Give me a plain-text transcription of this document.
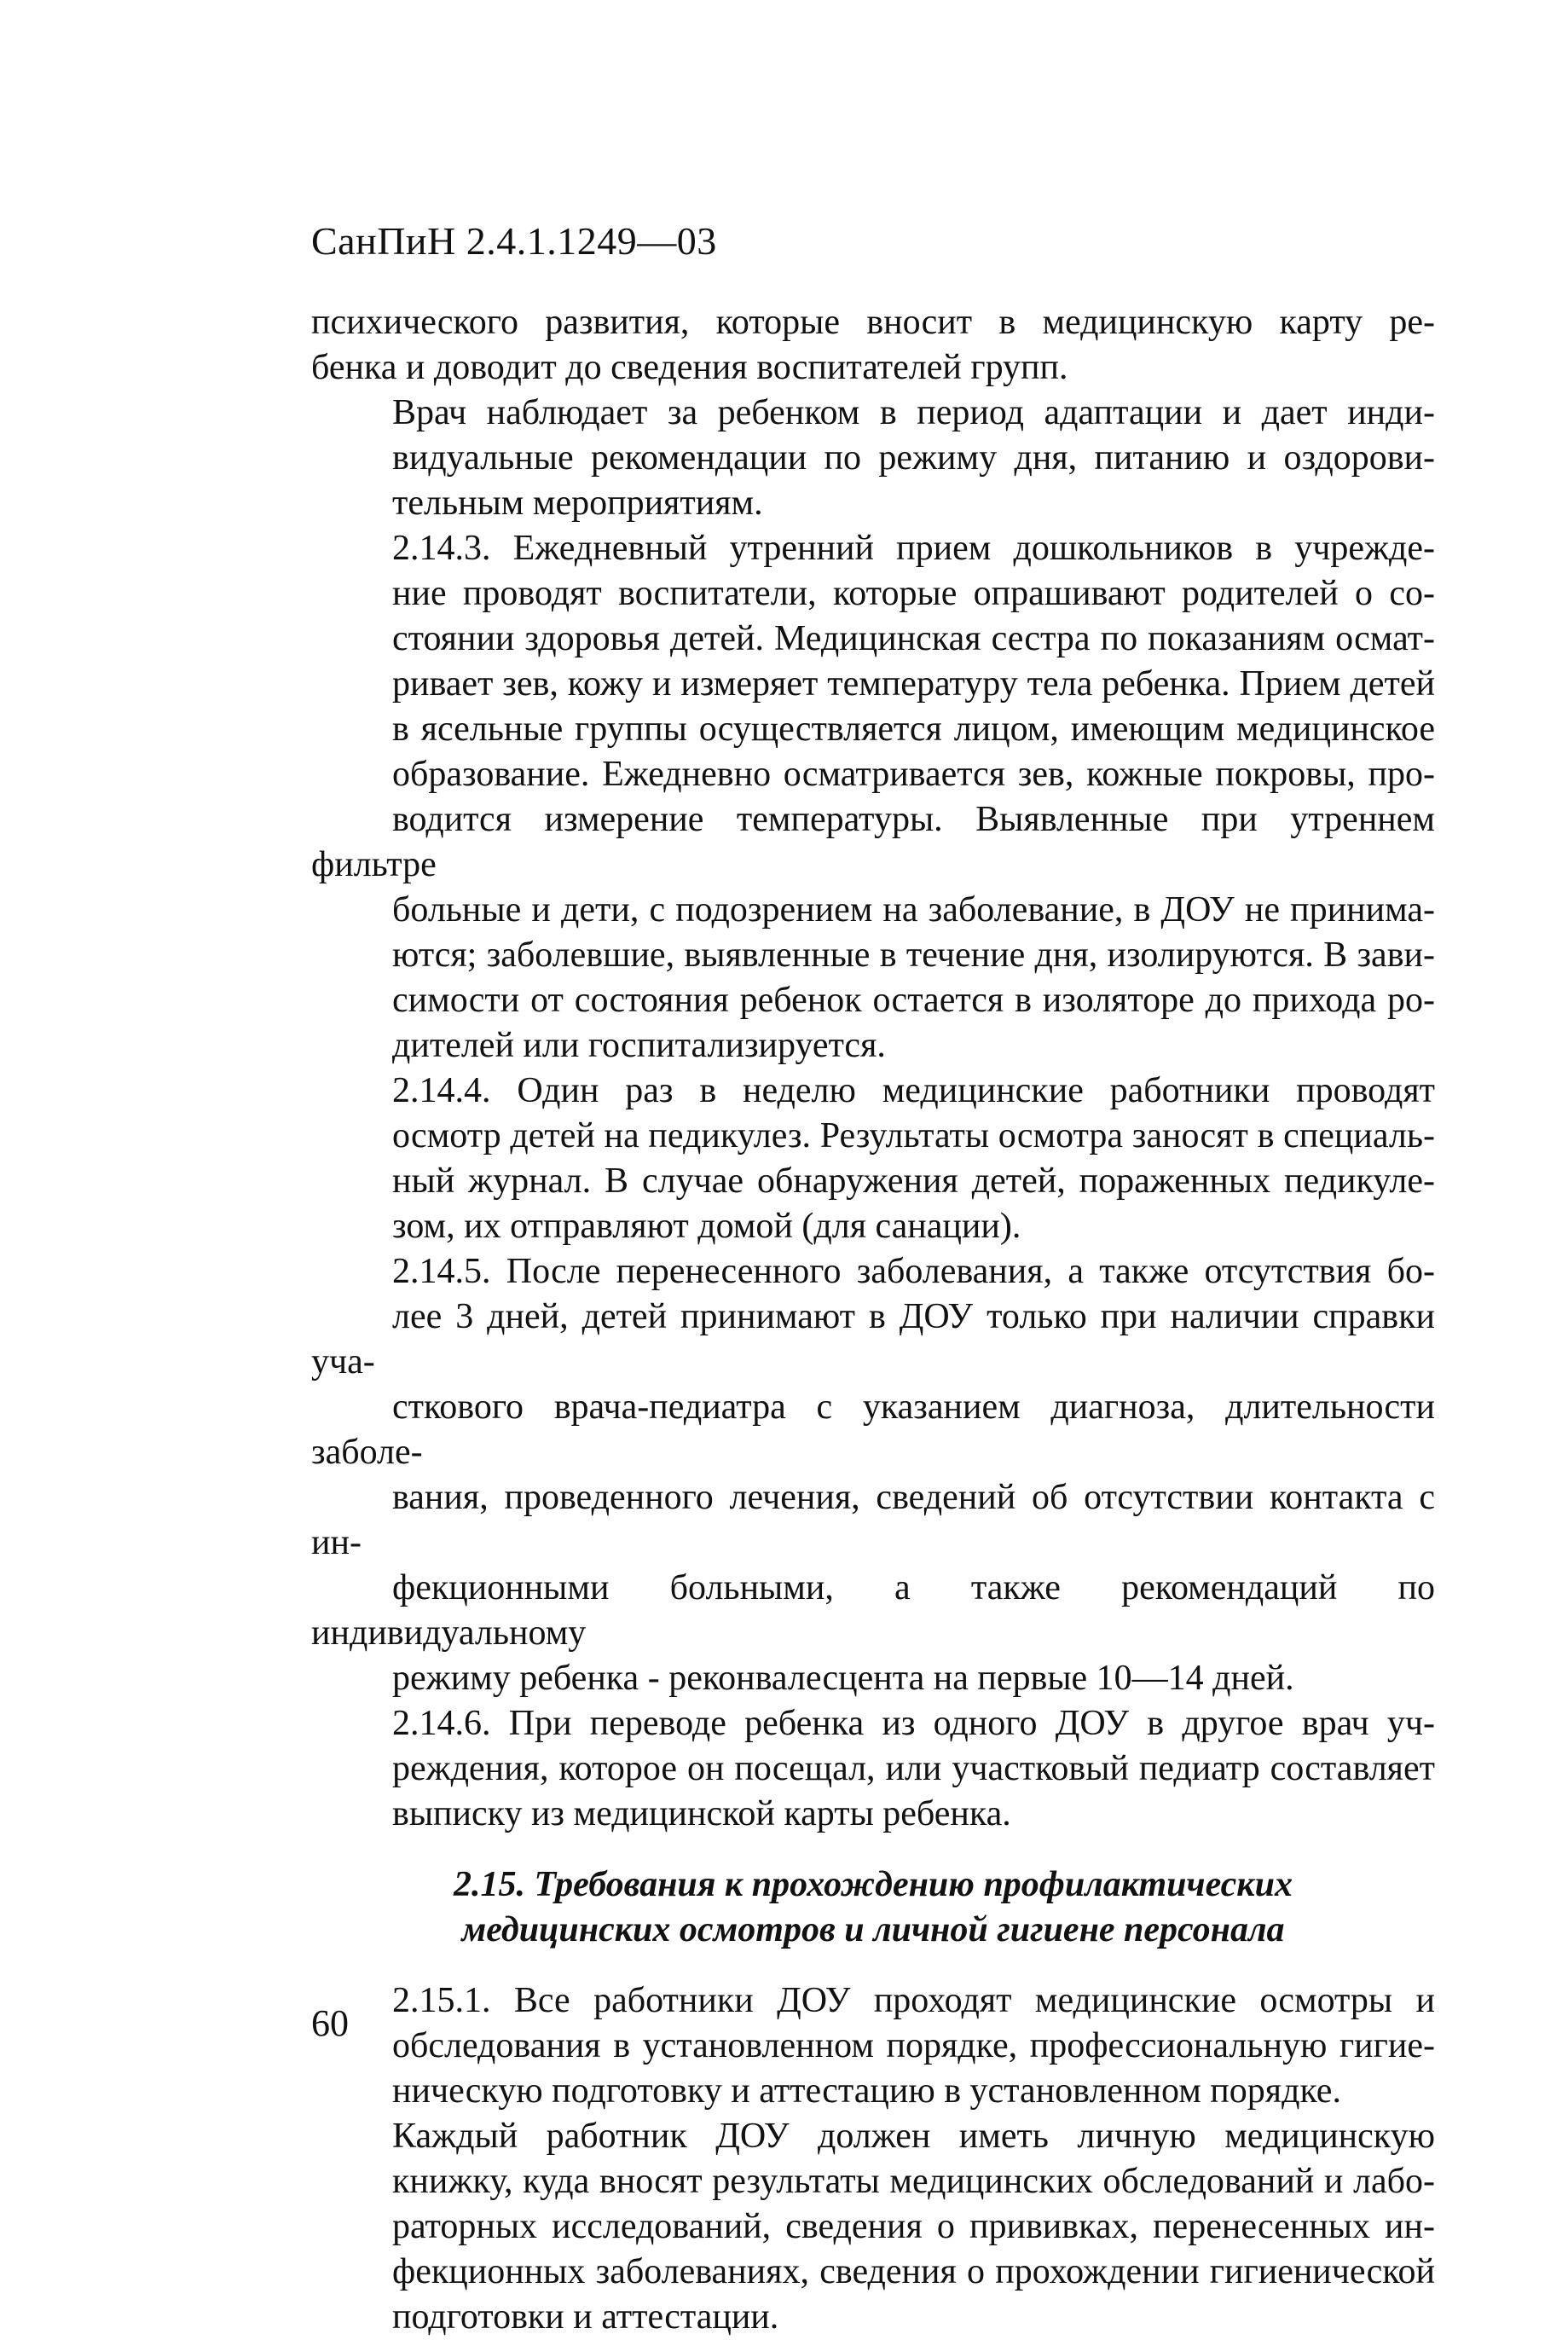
СанПиН 2.4.1.1249—03

психического развития, которые вносит в медицинскую карту ре-
бенка и доводит до сведения воспитателей групп.

Врач наблюдает за ребенком в период адаптации и дает инди-
видуальные рекомендации по режиму дня, питанию и оздорови-
тельным мероприятиям.

2.14.3. Ежедневный утренний прием дошкольников в учрежде-
ние проводят воспитатели, которые опрашивают родителей о со-
стоянии здоровья детей. Медицинская сестра по показаниям осмат-
ривает зев, кожу и измеряет температуру тела ребенка. Прием детей
в ясельные группы осуществляется лицом, имеющим медицинское
образование. Ежедневно осматривается зев, кожные покровы, про-
водится измерение температуры. Выявленные при утреннем фильтре
больные и дети, с подозрением на заболевание, в ДОУ не принима-
ются; заболевшие, выявленные в течение дня, изолируются. В зави-
симости от состояния ребенок остается в изоляторе до прихода ро-
дителей или госпитализируется.

2.14.4. Один раз в неделю медицинские работники проводят
осмотр детей на педикулез. Результаты осмотра заносят в специаль-
ный журнал. В случае обнаружения детей, пораженных педикуле-
зом, их отправляют домой (для санации).

2.14.5. После перенесенного заболевания, а также отсутствия бо-
лее 3 дней, детей принимают в ДОУ только при наличии справки уча-
сткового врача-педиатра с указанием диагноза, длительности заболе-
вания, проведенного лечения, сведений об отсутствии контакта с ин-
фекционными больными, а также рекомендаций по индивидуальному
режиму ребенка - реконвалесцента на первые 10—14 дней.

2.14.6. При переводе ребенка из одного ДОУ в другое врач уч-
реждения, которое он посещал, или участковый педиатр составляет
выписку из медицинской карты ребенка.

2.15. Требования к прохождению профилактических
медицинских осмотров и личной гигиене персонала

2.15.1. Все работники ДОУ проходят медицинские осмотры и
обследования в установленном порядке, профессиональную гигие-
ническую подготовку и аттестацию в установленном порядке.

Каждый работник ДОУ должен иметь личную медицинскую
книжку, куда вносят результаты медицинских обследований и лабо-
раторных исследований, сведения о прививках, перенесенных ин-
фекционных заболеваниях, сведения о прохождении гигиенической
подготовки и аттестации.

60
